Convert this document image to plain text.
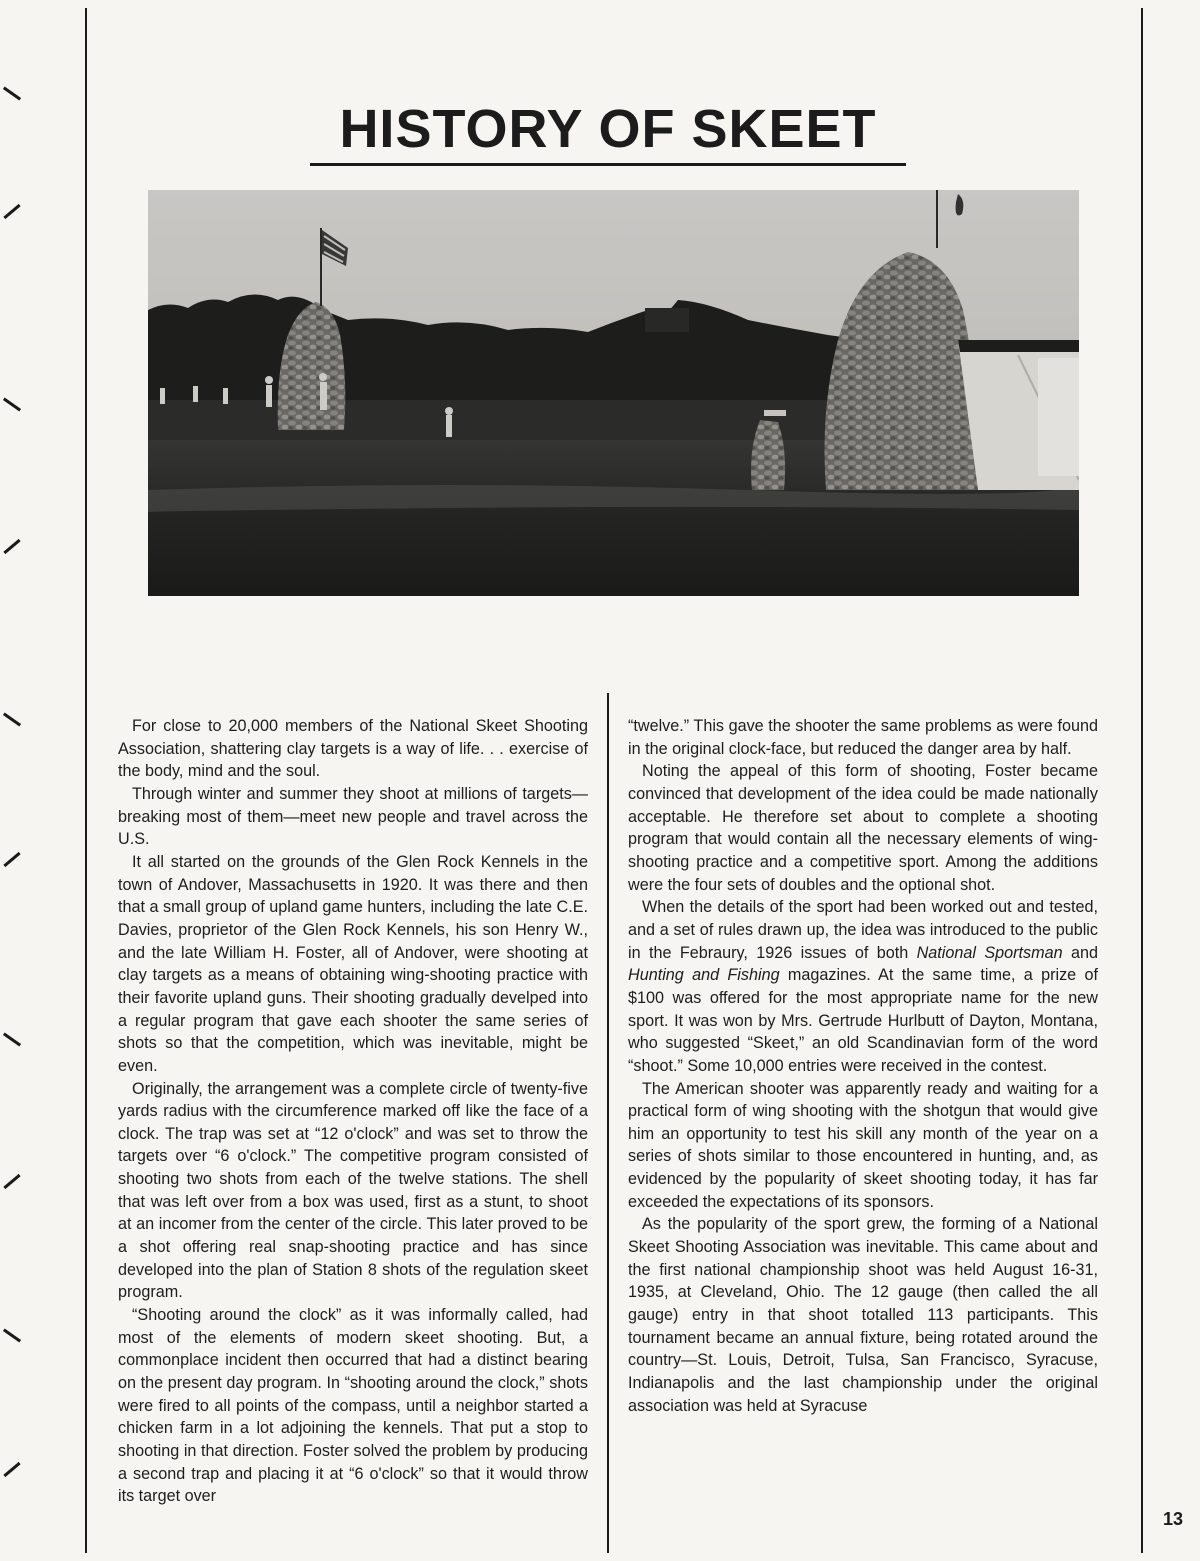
HISTORY OF SKEET

For close to 20,000 members of the National Skeet Shooting Association, shattering clay targets is a way of life. . . exercise of the body, mind and the soul.

Through winter and summer they shoot at millions of targets—breaking most of them—meet new people and travel across the U.S.

It all started on the grounds of the Glen Rock Kennels in the town of Andover, Massachusetts in 1920. It was there and then that a small group of upland game hunters, including the late C.E. Davies, proprietor of the Glen Rock Kennels, his son Henry W., and the late William H. Foster, all of Andover, were shooting at clay targets as a means of obtaining wing-shooting practice with their favorite upland guns. Their shooting gradually develped into a regular program that gave each shooter the same series of shots so that the competition, which was inevitable, might be even.

Originally, the arrangement was a complete circle of twenty-five yards radius with the circumference marked off like the face of a clock. The trap was set at “12 o'clock” and was set to throw the targets over “6 o'clock.” The competitive program consisted of shooting two shots from each of the twelve stations. The shell that was left over from a box was used, first as a stunt, to shoot at an incomer from the center of the circle. This later proved to be a shot offering real snap-shooting practice and has since developed into the plan of Station 8 shots of the regulation skeet program.

“Shooting around the clock” as it was informally called, had most of the elements of modern skeet shooting. But, a commonplace incident then occurred that had a distinct bearing on the present day program. In “shooting around the clock,” shots were fired to all points of the compass, until a neighbor started a chicken farm in a lot adjoining the kennels. That put a stop to shooting in that direction. Foster solved the problem by producing a second trap and placing it at “6 o'clock” so that it would throw its target over

“twelve.” This gave the shooter the same problems as were found in the original clock-face, but reduced the danger area by half.

Noting the appeal of this form of shooting, Foster became convinced that development of the idea could be made nationally acceptable. He therefore set about to complete a shooting program that would contain all the necessary elements of wing-shooting practice and a competitive sport. Among the additions were the four sets of doubles and the optional shot.

When the details of the sport had been worked out and tested, and a set of rules drawn up, the idea was introduced to the public in the Febraury, 1926 issues of both National Sportsman and Hunting and Fishing magazines. At the same time, a prize of $100 was offered for the most appropriate name for the new sport. It was won by Mrs. Gertrude Hurlbutt of Dayton, Montana, who suggested “Skeet,” an old Scandinavian form of the word “shoot.” Some 10,000 entries were received in the contest.

The American shooter was apparently ready and waiting for a practical form of wing shooting with the shotgun that would give him an opportunity to test his skill any month of the year on a series of shots similar to those encountered in hunting, and, as evidenced by the popularity of skeet shooting today, it has far exceeded the expectations of its sponsors.

As the popularity of the sport grew, the forming of a National Skeet Shooting Association was inevitable. This came about and the first national championship shoot was held August 16-31, 1935, at Cleveland, Ohio. The 12 gauge (then called the all gauge) entry in that shoot totalled 113 participants. This tournament became an annual fixture, being rotated around the country—St. Louis, Detroit, Tulsa, San Francisco, Syracuse, Indianapolis and the last championship under the original association was held at Syracuse

13
